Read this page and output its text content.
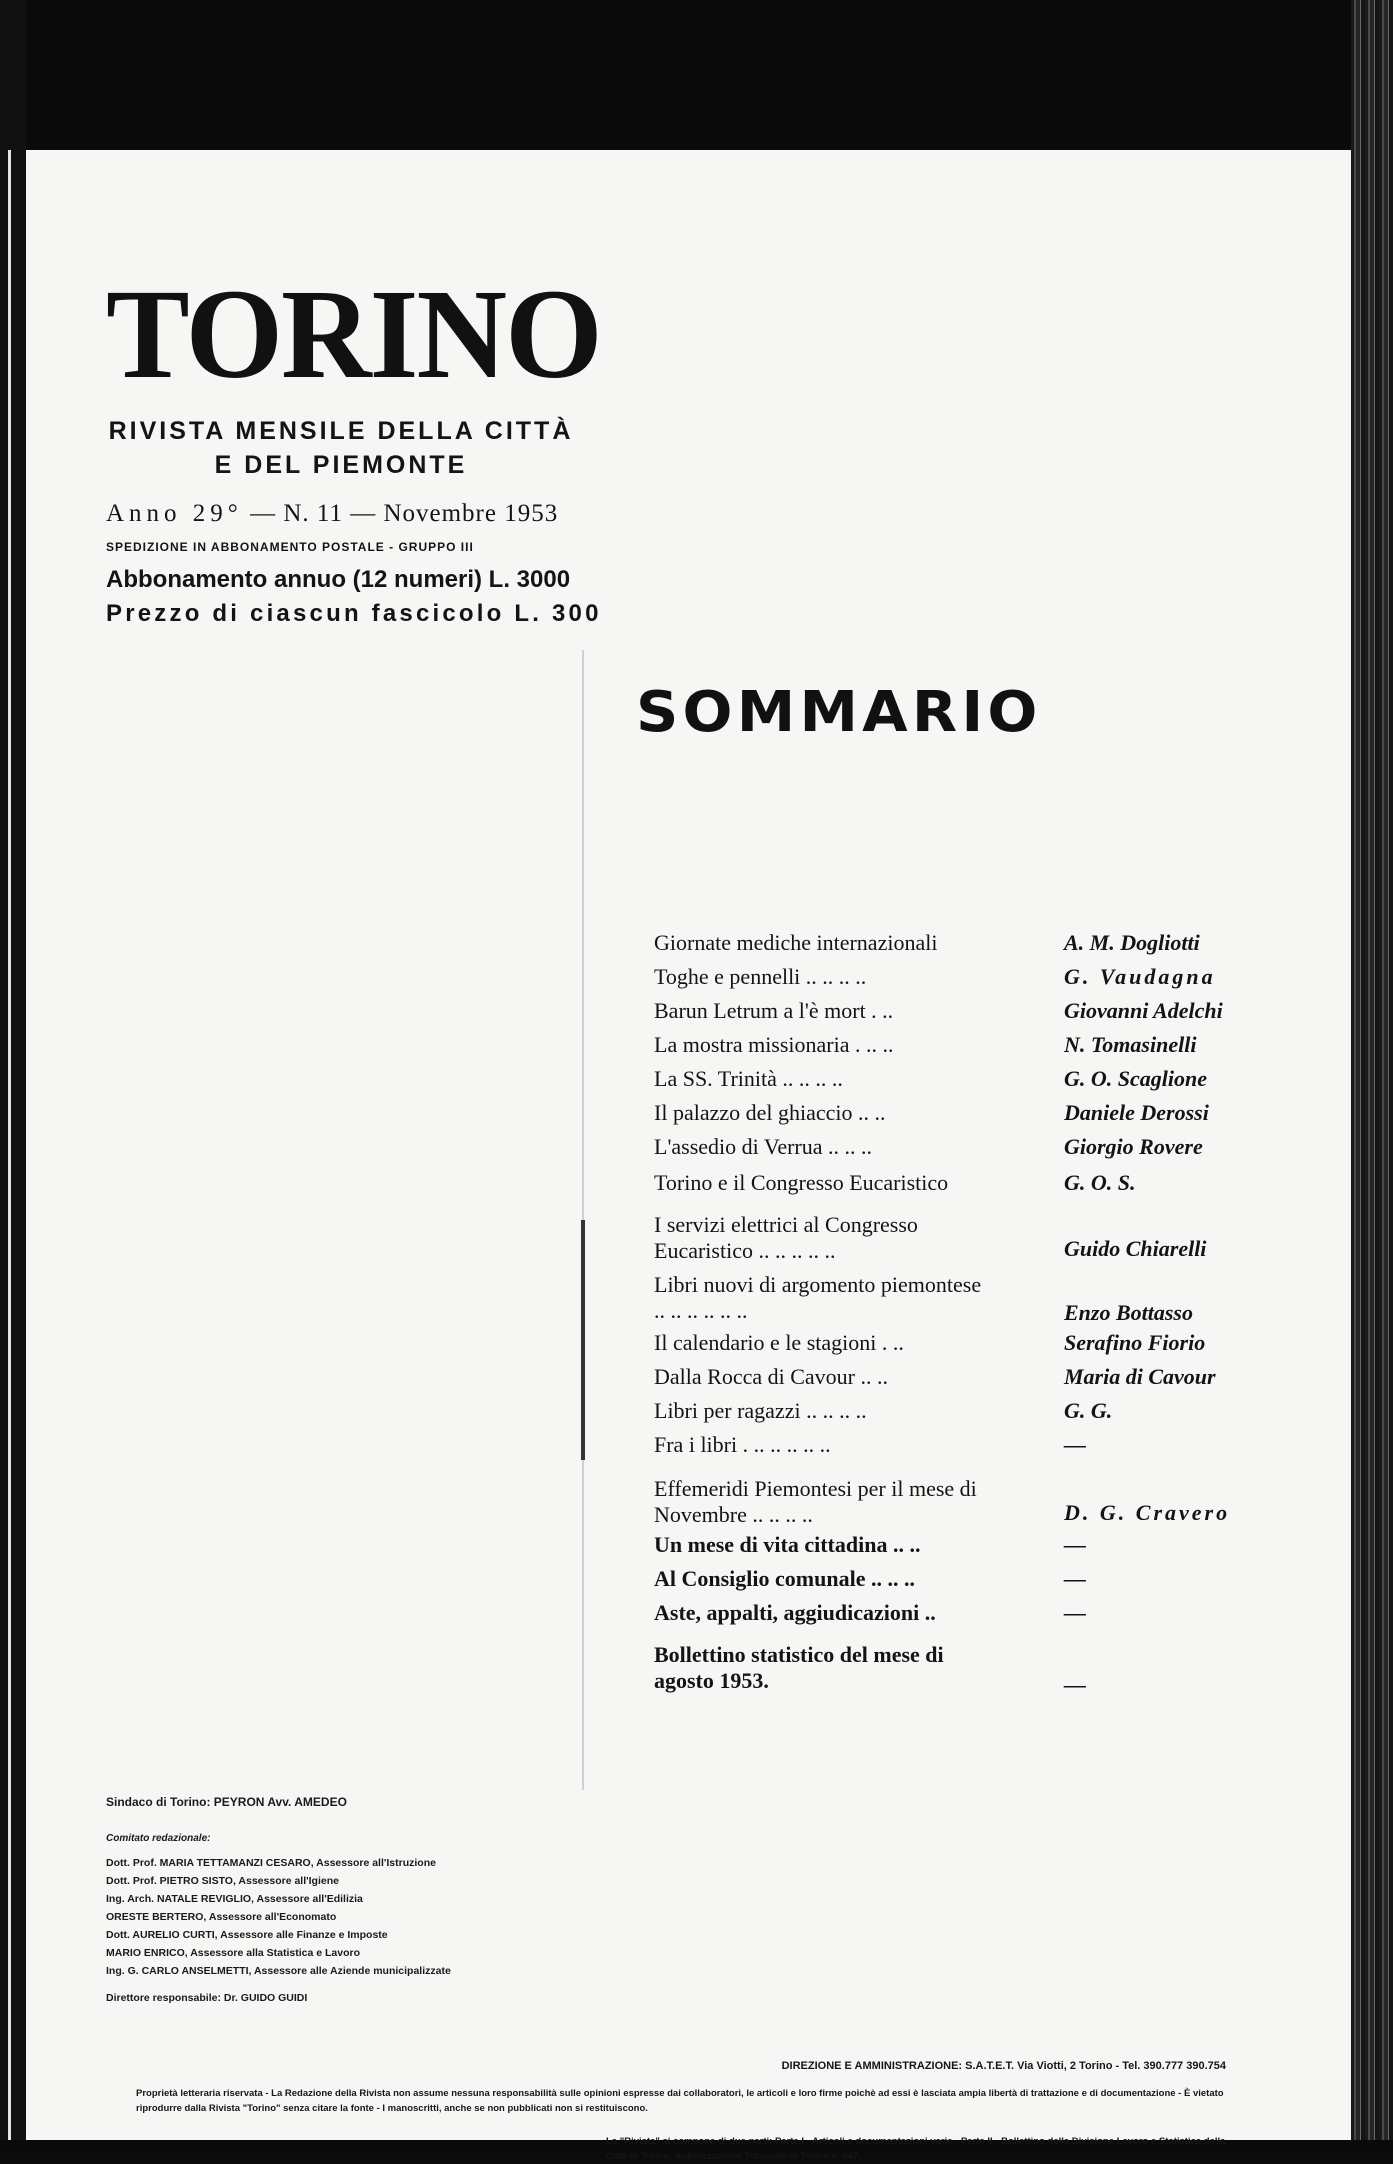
TORINO
RIVISTA MENSILE DELLA CITTÀ
E DEL PIEMONTE
Anno 29° — N. 11 — Novembre 1953
SPEDIZIONE IN ABBONAMENTO POSTALE - GRUPPO III
Abbonamento annuo (12 numeri) L. 3000
Prezzo di ciascun fascicolo L. 300
SOMMARIO
Giornate mediche internazionali	A. M. Dogliotti
Toghe e pennelli .. .. .. ..	G. Vaudagna
Barun Letrum a l'è mort . ..	Giovanni Adelchi
La mostra missionaria . .. ..	N. Tomasinelli
La SS. Trinità .. .. .. ..	G. O. Scaglione
Il palazzo del ghiaccio .. ..	Daniele Derossi
L'assedio di Verrua .. .. ..	Giorgio Rovere
Torino e il Congresso Eucaristico	G. O. S.
I servizi elettrici al Congresso Eucaristico .. .. .. .. ..	Guido Chiarelli
Libri nuovi di argomento piemontese .. .. .. .. .. ..	Enzo Bottasso
Il calendario e le stagioni . ..	Serafino Fiorio
Dalla Rocca di Cavour .. ..	Maria di Cavour
Libri per ragazzi .. .. .. ..	G. G.
Fra i libri . .. .. .. .. ..	—
Effemeridi Piemontesi per il mese di Novembre .. .. .. ..	D. G. Cravero
Un mese di vita cittadina .. ..	—
Al Consiglio comunale .. .. ..	—
Aste, appalti, aggiudicazioni ..	—
Bollettino statistico del mese di agosto 1953.	—
Sindaco di Torino: PEYRON Avv. AMEDEO
Comitato redazionale:
Dott. Prof. MARIA TETTAMANZI CESARO, Assessore all'Istruzione
Dott. Prof. PIETRO SISTO, Assessore all'Igiene
Ing. Arch. NATALE REVIGLIO, Assessore all'Edilizia
ORESTE BERTERO, Assessore all'Economato
Dott. AURELIO CURTI, Assessore alle Finanze e Imposte
MARIO ENRICO, Assessore alla Statistica e Lavoro
Ing. G. CARLO ANSELMETTI, Assessore alle Aziende municipalizzate
Direttore responsabile: Dr. GUIDO GUIDI
DIREZIONE E AMMINISTRAZIONE: S.A.T.E.T. Via Viotti, 2 Torino - Tel. 390.777 390.754
Proprietà letteraria riservata - La Redazione della Rivista non assume nessuna responsabilità sulle opinioni espresse dai collaboratori, le articoli e loro firme poichè ad essi è lasciata ampia libertà di trattazione e di documentazione - È vietato riprodurre dalla Rivista "Torino" senza citare la fonte - I manoscritti, anche se non pubblicati non si restituiscono.
La "Rivista" si compone di due parti: Parte I - Articoli e documentazioni varie - Parte II - Bollettino della Divisione Lavoro e Statistica della Città di Torino. Autorizzazione Tribunale di Torino n. 667.
